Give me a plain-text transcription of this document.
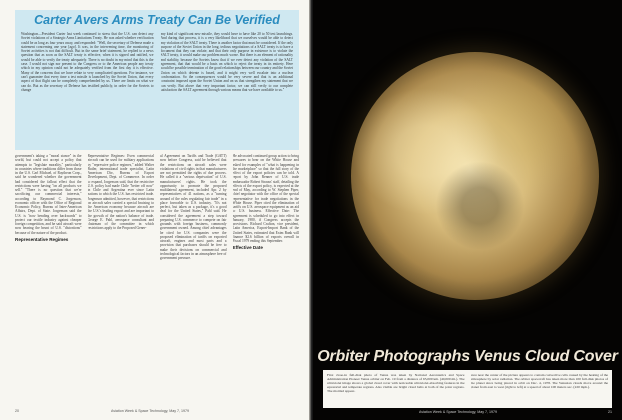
Carter Avers Arms Treaty Can Be Verified
Washington—President Carter last week continued to stress that the U.S. can detect any Soviet violations of a Strategic Arms Limitations Treaty. He was asked whether verification could be as long as four years away, and responded: "Well, the secretary of Defense made a statement concerning one year [ago]. It was, in the intervening time, the monitoring of Soviet activities is not that difficult. But in the same brief statement, he replied to a news question that as soon as the SALT treaty is effective, when it is signed and ratified, we would be able to verify the treaty adequately. There is no doubt in my mind that this is the case. I would not sign nor present to the Congress or to the American people any treaty which in my opinion could not be adequately verified from the first day it is effective. Many of the concerns that we have relate to very complicated questions. For instance, we can't guarantee that every time a test missile is launched by the Soviet Union, that every aspect of that flight can be completely comprehended by us. There are limits on what we can do. But as the secretary of Defense has testified publicly, in order for the Soviets to change
any kind of significant new missile, they would have to have like 20 to 50 test launchings. And during that process, it is a very likelihood that we ourselves would be able to detect any violation of the SALT treaty. There is another factor that must be considered. If the only purpose of the Soviet Union in the long, tedious negotiations of a SALT treaty is to have a document that they can violate, and that their only purpose in existence is to violate the SALT treaty, it would make our problem much worse. But there is an element of rationality and stability, because the Soviets know that if we ever detect any violation of the SALT agreement, that that would be a basis on which to reject the treaty in its entirety. Here would be possible termination of the good relationships between our country and the Soviet Union on which detente is based, and it might very well escalate into a nuclear confrontation. So the consequences would be very severe and that is an additional constraint imposed upon the Soviet Union and on us that strengthen my statement that we can verify. But above that very important factor, we can still verify to our complete satisfaction the SALT agreement through various means that we have available to us."
government's taking a "moral stance" in the world, but could not accept a policy that attempts to "legislate morality," particularly in countries where traditions differ from those in the U.S. Carl Michael, of Raytheon Corp., said he wondered whether the government had considered the fallout effect that the restrictions were having "on all products we sell." "There is no question that we're sacrificing our commercial interests," according to Raymond C. Jorgenson, economic officer with the Office of Regional Economic Policy, Bureau of Inter-American Affairs, Dept. of State. Jorgenson said the U.S. is "now bending over backwards" to protect our textile industry against cheaper foreign competition, and he said aircraft were now bearing the brunt of U.S. "distortions" because of the nature of the product.
Representative Regimes
Representative Regimes: Even commercial aircraft can be used for military applications by "repressive police regimes," added Walter Butler, international trade specialist, Latin American Div., Bureau of Export Development, Dept. of Commerce. In order to expand, Jorgenson said, that the restrictive U.S. policy had made Chile "better off now" in Chile and Argentina ever since Latin nations to which the U.S. has restricted trade. Jorgenson admitted, however, that restrictions on aircraft sales carried a special bruising to the American economy because aircraft are the U.S.'s leading export and are important to the growth of the nation's balance of trade. George E. Pahl, aerospace consultant and chairman of the committee in which restrictions apply to the Proposed Gener-
al Agreement on Tariffs and Trade (GATT) now before Congress, said he believed that the restrictions on aircraft sales were violations of civil rights in that manufacturers are not permitted the rights of due process. He called it a "serious deprivation" of U.S. manufacturers' rights. He took the opportunity to promote the proposed multilateral agreement, included Apr. 2 by representatives of 41 nations, as a "turning around of the rules regulating fair trade" in a place favorable to U.S. industry. "It's not perfect, but taken as a package, it's a good deal for the United States," Pahl said. He considered the agreement a step toward preparing U.S. commerce to compete on fair grounds with foreign business, commonly government owned. Among chief advantages he cited for U.S. companies were the proposed elimination of tariffs on exported aircraft, engines and most parts and a provision that purchases should be free to make their decisions on commercial and technological factors in an atmosphere free of government pressure.
He advocated continued group action to bring pressures to bear on the White House and asked for examples of "what is happening in the marketplace" so that the full story of the effect of the export policies can be told. A report by John Renner of U.S. trade ambassador Robert Strauss' staff, detailing the effects of the export policy, is expected at the end of May, according to W. Stephen Piper, chief negotiator with the office of the special representative for trade negotiations in the White House. Piper cited the elimination of tariffs on U.S. aerospace equipment as an aid to U.S. business. Effective Date: The agreement is scheduled to go into effect in January, 1980, if Congress accepts the provisions. Richard Crafton, vice president, Latin America, Export-Import Bank of the United States, estimated that Exim Bank will finance $2.6 billion of exports overall in Fiscal 1979 ending this September.
Effective Date
20	Aviation Week & Space Technology, May 7, 1979
Orbiter Photographs Venus Cloud Cover
First close-in full-disk photo of Venus was taken by National Aeronautics and Space Administration Pioneer Venus orbiter on Feb. 19 from a distance of 65,000 km. (40,000 mi.). The ultraviolet image shows a global cloud cover with noticeable ultraviolet-absorbing features in the equatorial and temperate regions. Also visible are bright cloud belts at both of the polar regions. The mottled appear-
ance near the center of the picture appears to contain convective cells caused by the heating of the atmosphere by solar radiation. The orbiter spacecraft has taken more than 100 full-disk photos of the planet since being placed in orbit on Dec. 4, 1978. The Venusian clouds move around the planet from east to west (right to left) at a speed of about 100 meters sec. (220 mph.).
Aviation Week & Space Technology, May 7, 1979	21
